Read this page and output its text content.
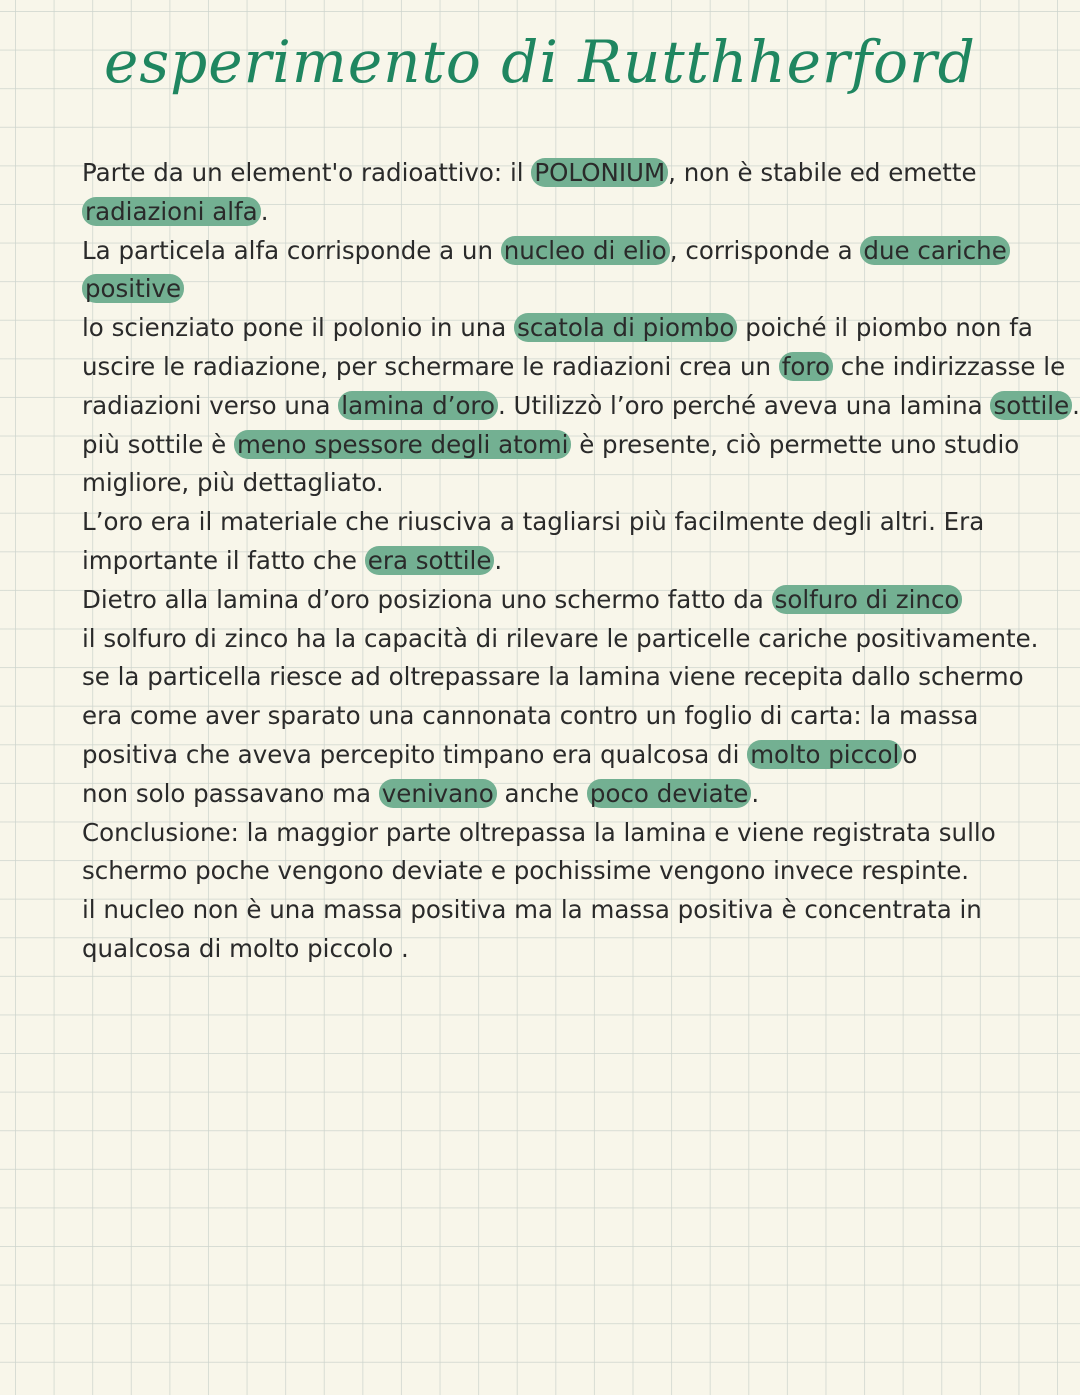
esperimento di Rutthherford
Parte da un element'o radioattivo: il POLONIUM , non è stabile ed emette
radiazioni alfa .
La particela alfa corrisponde a un nucleo di elio , corrisponde a due cariche
positive
lo scienziato pone il polonio in una scatola di piombo poiché il piombo non fa
uscire le radiazione, per schermare le radiazioni crea un foro che indirizzasse le
radiazioni verso una lamina d’oro . Utilizzò l’oro perché aveva una lamina sottile .
più sottile è meno spessore degli atomi è presente, ciò permette uno studio
migliore, più dettagliato.
L’oro era il materiale che riusciva a tagliarsi più facilmente degli altri. Era
importante il fatto che era sottile .
Dietro alla lamina d’oro posiziona uno schermo fatto da solfuro di zinco
il solfuro di zinco ha la capacità di rilevare le particelle cariche positivamente.
se la particella riesce ad oltrepassare la lamina viene recepita dallo schermo
era come aver sparato una cannonata contro un foglio di carta: la massa
positiva che aveva percepito timpano era qualcosa di molto piccol o
non solo passavano ma venivano anche poco deviate .
Conclusione: la maggior parte oltrepassa la lamina e viene registrata sullo
schermo poche vengono deviate e pochissime vengono invece respinte.
il nucleo non è una massa positiva ma la massa positiva è concentrata in
qualcosa di molto piccolo .
